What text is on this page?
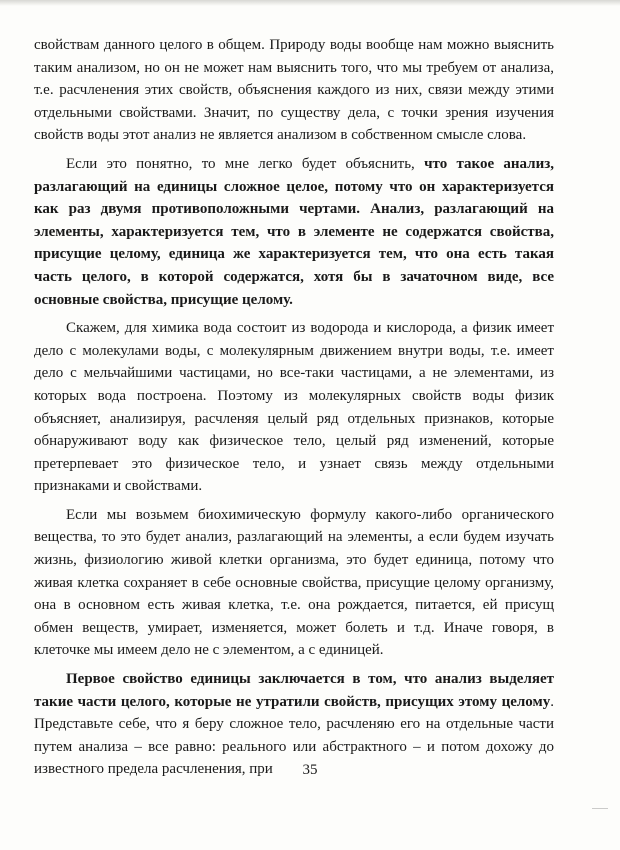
свойствам данного целого в общем. Природу воды вообще нам можно выяснить таким анализом, но он не может нам выяснить того, что мы требуем от анализа, т.е. расчленения этих свойств, объяснения каждого из них, связи между этими отдельными свойствами. Значит, по существу дела, с точки зрения изучения свойств воды этот анализ не является анализом в собственном смысле слова.

Если это понятно, то мне легко будет объяснить, что такое анализ, разлагающий на единицы сложное целое, потому что он характеризуется как раз двумя противоположными чертами. Анализ, разлагающий на элементы, характеризуется тем, что в элементе не содержатся свойства, присущие целому, единица же характеризуется тем, что она есть такая часть целого, в которой содержатся, хотя бы в зачаточном виде, все основные свойства, присущие целому.

Скажем, для химика вода состоит из водорода и кислорода, а физик имеет дело с молекулами воды, с молекулярным движением внутри воды, т.е. имеет дело с мельчайшими частицами, но все-таки частицами, а не элементами, из которых вода построена. Поэтому из молекулярных свойств воды физик объясняет, анализируя, расчленяя целый ряд отдельных признаков, которые обнаруживают воду как физическое тело, целый ряд изменений, которые претерпевает это физическое тело, и узнает связь между отдельными признаками и свойствами.

Если мы возьмем биохимическую формулу какого-либо органического вещества, то это будет анализ, разлагающий на элементы, а если будем изучать жизнь, физиологию живой клетки организма, это будет единица, потому что живая клетка сохраняет в себе основные свойства, присущие целому организму, она в основном есть живая клетка, т.е. она рождается, питается, ей присущ обмен веществ, умирает, изменяется, может болеть и т.д. Иначе говоря, в клеточке мы имеем дело не с элементом, а с единицей.

Первое свойство единицы заключается в том, что анализ выделяет такие части целого, которые не утратили свойств, присущих этому целому. Представьте себе, что я беру сложное тело, расчленяю его на отдельные части путем анализа – все равно: реального или абстрактного – и потом дохожу до известного предела расчленения, при	35
